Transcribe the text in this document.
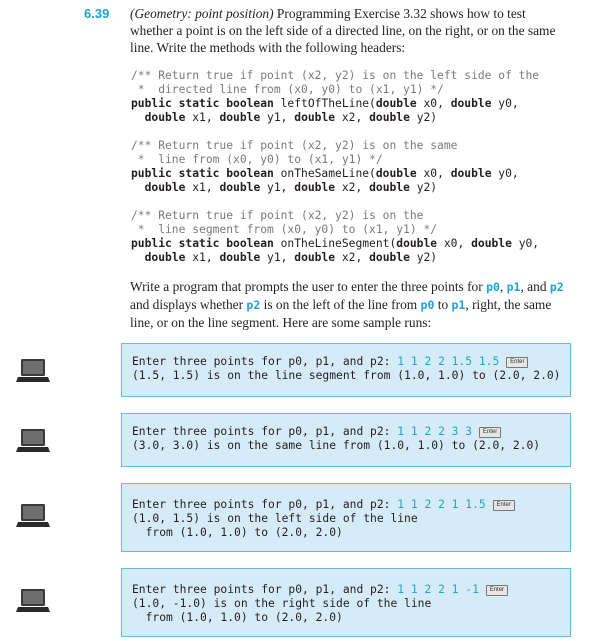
6.39 (Geometry: point position) Programming Exercise 3.32 shows how to test whether a point is on the left side of a directed line, on the right, or on the same line. Write the methods with the following headers:
/** Return true if point (x2, y2) is on the left side of the
*  directed line from (x0, y0) to (x1, y1) */
public static boolean leftOfTheLine(double x0, double y0,
double x1, double y1, double x2, double y2)
/** Return true if point (x2, y2) is on the same
*  line from (x0, y0) to (x1, y1) */
public static boolean onTheSameLine(double x0, double y0,
double x1, double y1, double x2, double y2)
/** Return true if point (x2, y2) is on the
*  line segment from (x0, y0) to (x1, y1) */
public static boolean onTheLineSegment(double x0, double y0,
double x1, double y1, double x2, double y2)
Write a program that prompts the user to enter the three points for p0, p1, and p2 and displays whether p2 is on the left of the line from p0 to p1, right, the same line, or on the line segment. Here are some sample runs:
Enter three points for p0, p1, and p2: 1 1 2 2 1.5 1.5 Enter
(1.5, 1.5) is on the line segment from (1.0, 1.0) to (2.0, 2.0)
Enter three points for p0, p1, and p2: 1 1 2 2 3 3 Enter
(3.0, 3.0) is on the same line from (1.0, 1.0) to (2.0, 2.0)
Enter three points for p0, p1, and p2: 1 1 2 2 1 1.5 Enter
(1.0, 1.5) is on the left side of the line
from (1.0, 1.0) to (2.0, 2.0)
Enter three points for p0, p1, and p2: 1 1 2 2 1 -1 Enter
(1.0, -1.0) is on the right side of the line
from (1.0, 1.0) to (2.0, 2.0)
